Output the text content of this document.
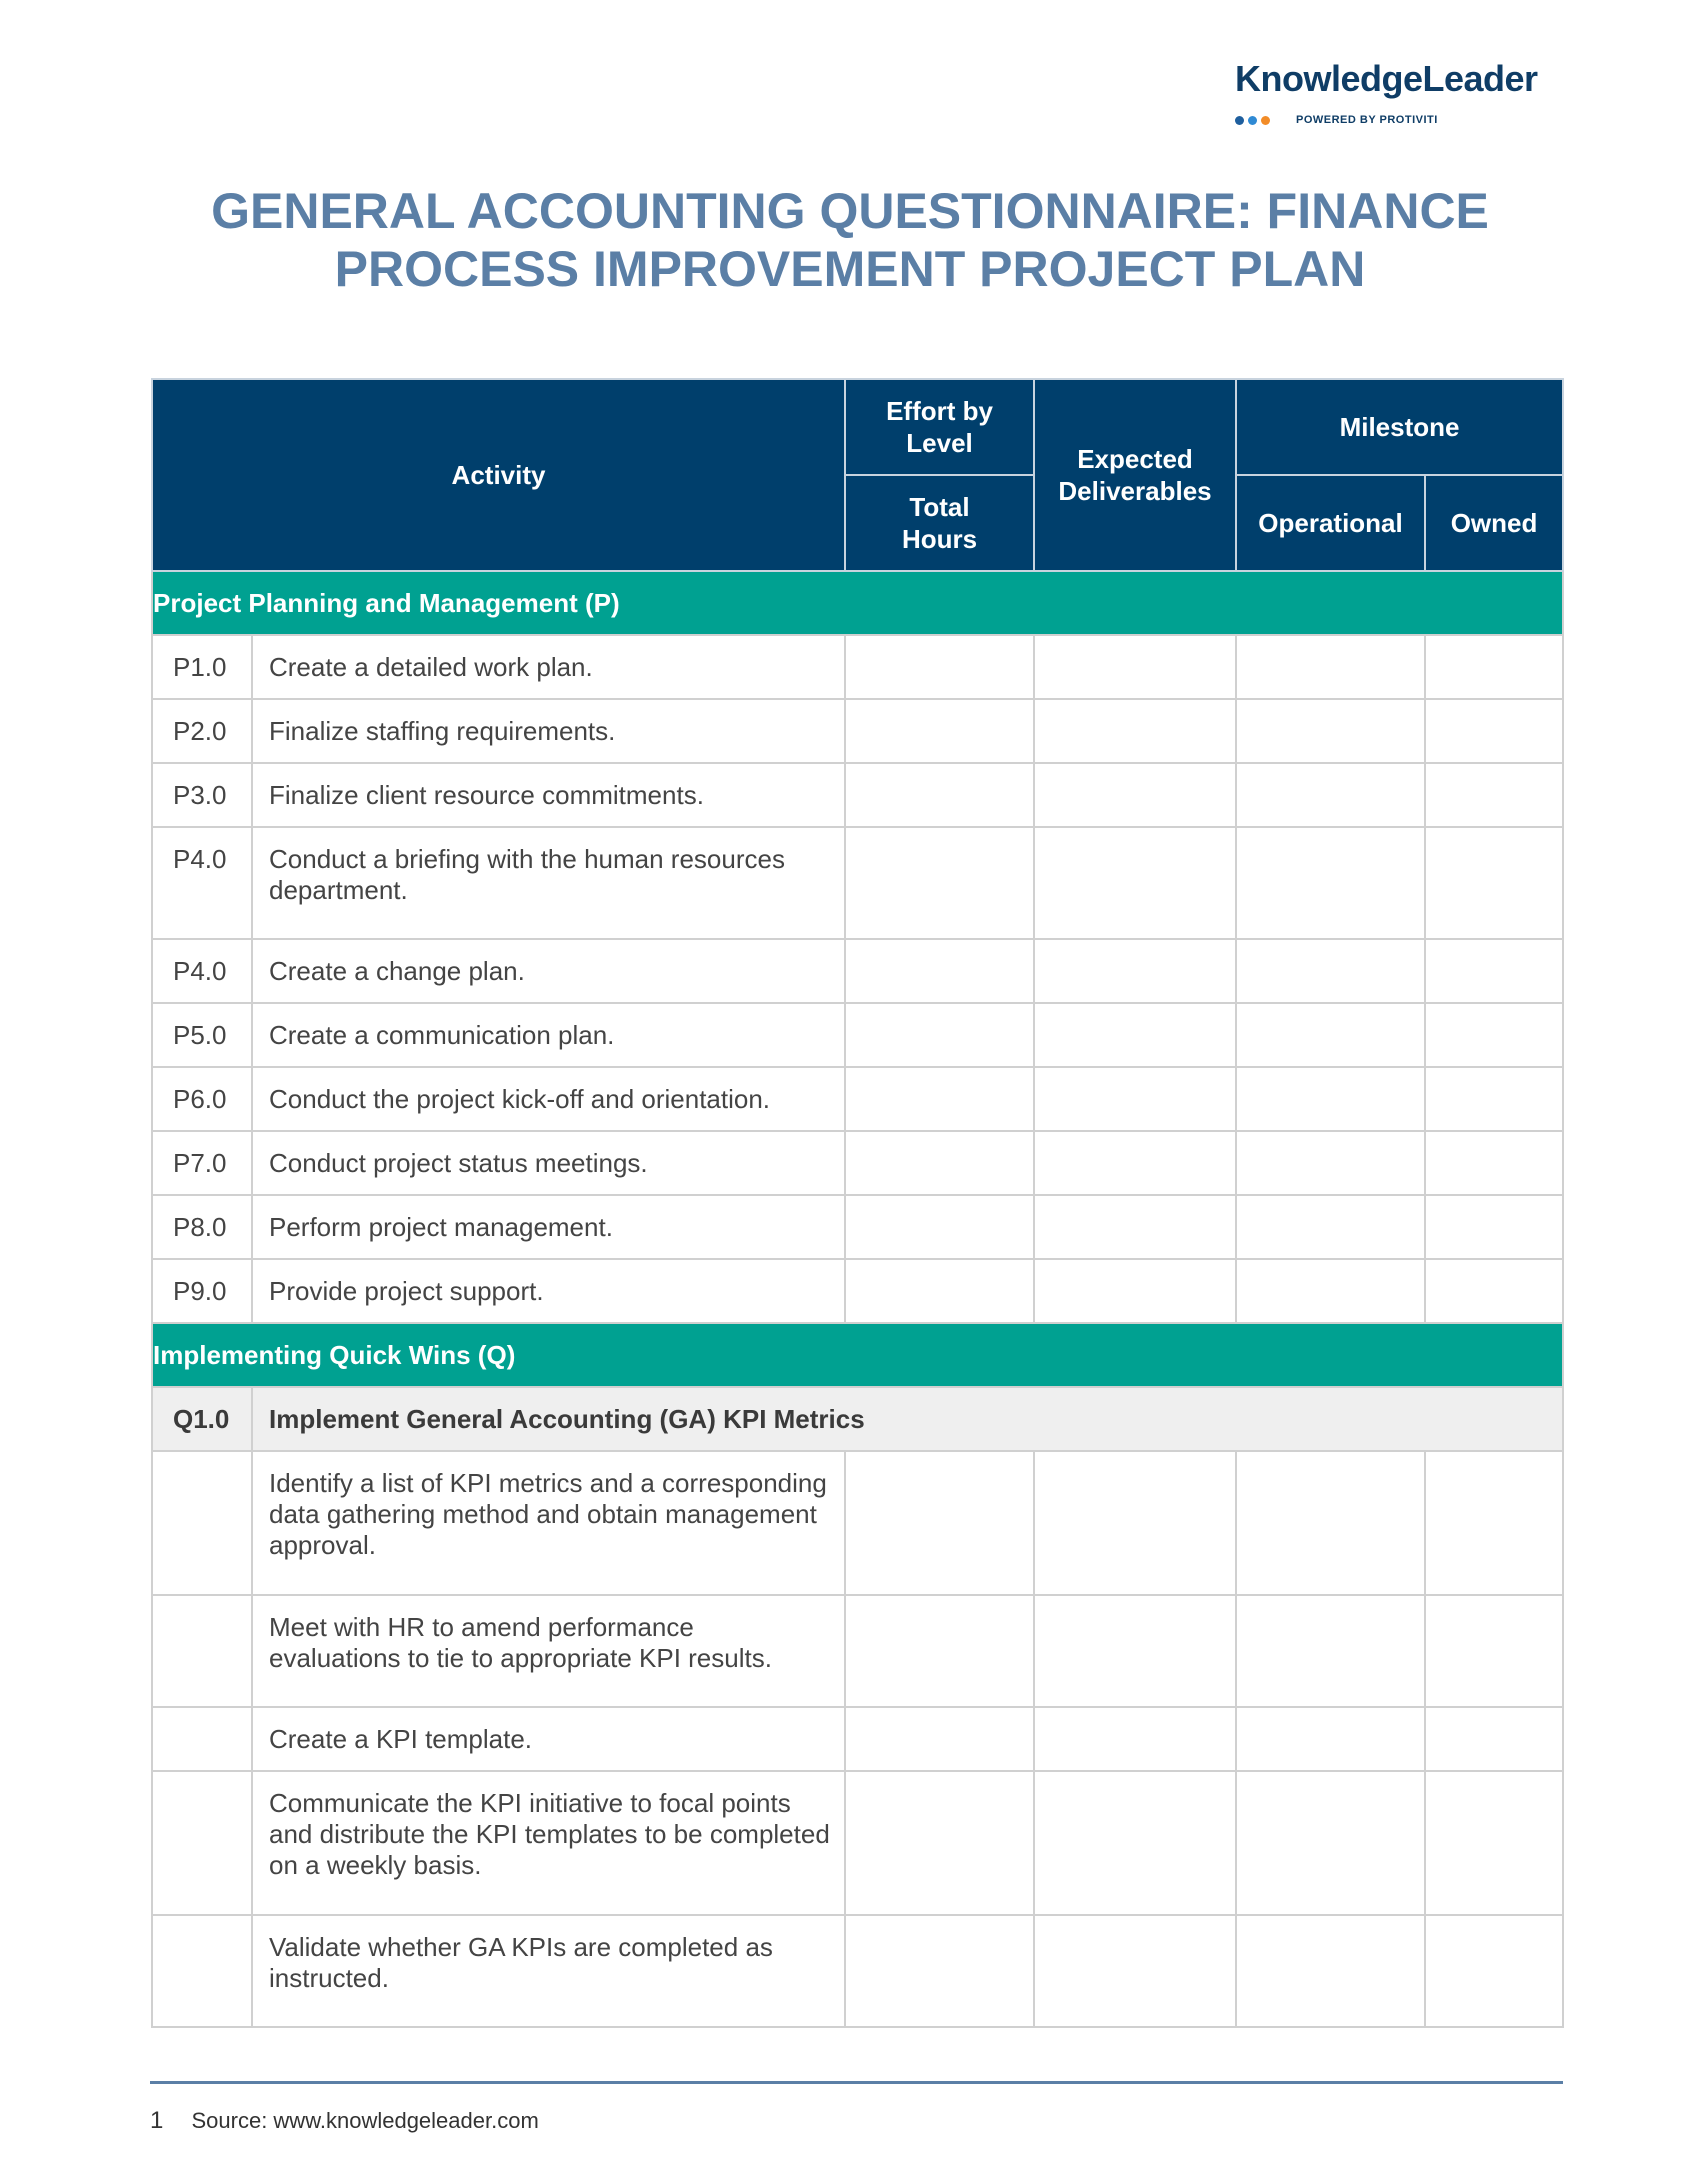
KnowledgeLeader
POWERED BY PROTIVITI
GENERAL ACCOUNTING QUESTIONNAIRE: FINANCE
PROCESS IMPROVEMENT PROJECT PLAN
Activity		Effort by Level	Expected Deliverables	Milestone	
		Total Hours		Operational	Owned
Project Planning and Management (P)					
P1.0	Create a detailed work plan.				
P2.0	Finalize staffing requirements.				
P3.0	Finalize client resource commitments.				
P4.0	Conduct a briefing with the human resources department.				
P4.0	Create a change plan.				
P5.0	Create a communication plan.				
P6.0	Conduct the project kick-off and orientation.				
P7.0	Conduct project status meetings.				
P8.0	Perform project management.				
P9.0	Provide project support.				
Implementing Quick Wins (Q)					
Q1.0	Implement General Accounting (GA) KPI Metrics				
	Identify a list of KPI metrics and a corresponding data gathering method and obtain management approval.				
	Meet with HR to amend performance evaluations to tie to appropriate KPI results.				
	Create a KPI template.				
	Communicate the KPI initiative to focal points and distribute the KPI templates to be completed on a weekly basis.				
	Validate whether GA KPIs are completed as instructed.				
1 Source: www.knowledgeleader.com
